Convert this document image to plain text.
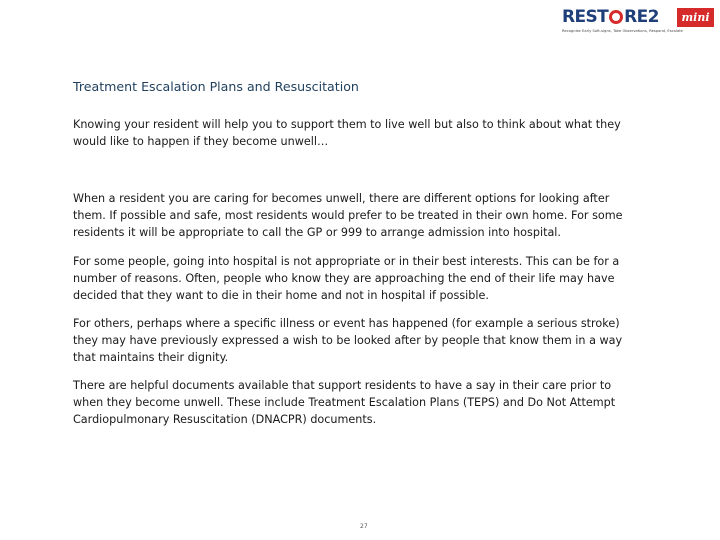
REST RE2	mini
Recognise Early Soft-signs, Take Observations, Respond, Escalate
Treatment Escalation Plans and Resuscitation

Knowing your resident will help you to support them to live well but also to think about what they would like to happen if they become unwell…

When a resident you are caring for becomes unwell, there are different options for looking after them. If possible and safe, most residents would prefer to be treated in their own home. For some residents it will be appropriate to call the GP or 999 to arrange admission into hospital.

For some people, going into hospital is not appropriate or in their best interests. This can be for a number of reasons. Often, people who know they are approaching the end of their life may have decided that they want to die in their home and not in hospital if possible.

For others, perhaps where a specific illness or event has happened (for example a serious stroke) they may have previously expressed a wish to be looked after by people that know them in a way that maintains their dignity.

There are helpful documents available that support residents to have a say in their care prior to when they become unwell. These include Treatment Escalation Plans (TEPS) and Do Not Attempt Cardiopulmonary Resuscitation (DNACPR) documents.

27
